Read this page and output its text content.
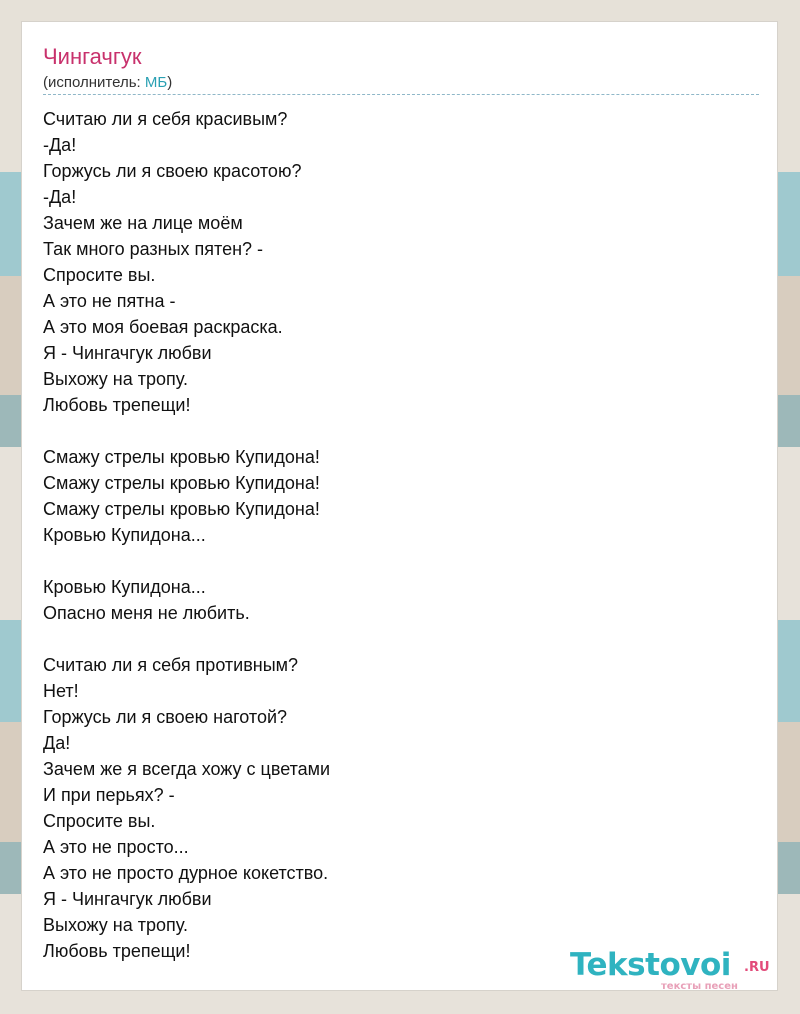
Чингачгук
(исполнитель: МБ)
Считаю ли я себя красивым?
-Да!
Горжусь ли я своею красотою?
-Да!
Зачем же на лице моём
Так много разных пятен? -
Спросите вы.
А это не пятна -
А это моя боевая раскраска.
Я - Чингачгук любви
Выхожу на тропу.
Любовь трепещи!
Смажу стрелы кровью Купидона!
Смажу стрелы кровью Купидона!
Смажу стрелы кровью Купидона!
Кровью Купидона...
Кровью Купидона...
Опасно меня не любить.
Считаю ли я себя противным?
Нет!
Горжусь ли я своею наготой?
Да!
Зачем же я всегда хожу с цветами
И при перьях? -
Спросите вы.
А это не просто...
А это не просто дурное кокетство.
Я - Чингачгук любви
Выхожу на тропу.
Любовь трепещи!	Tekstovoi .RU
тексты песен
